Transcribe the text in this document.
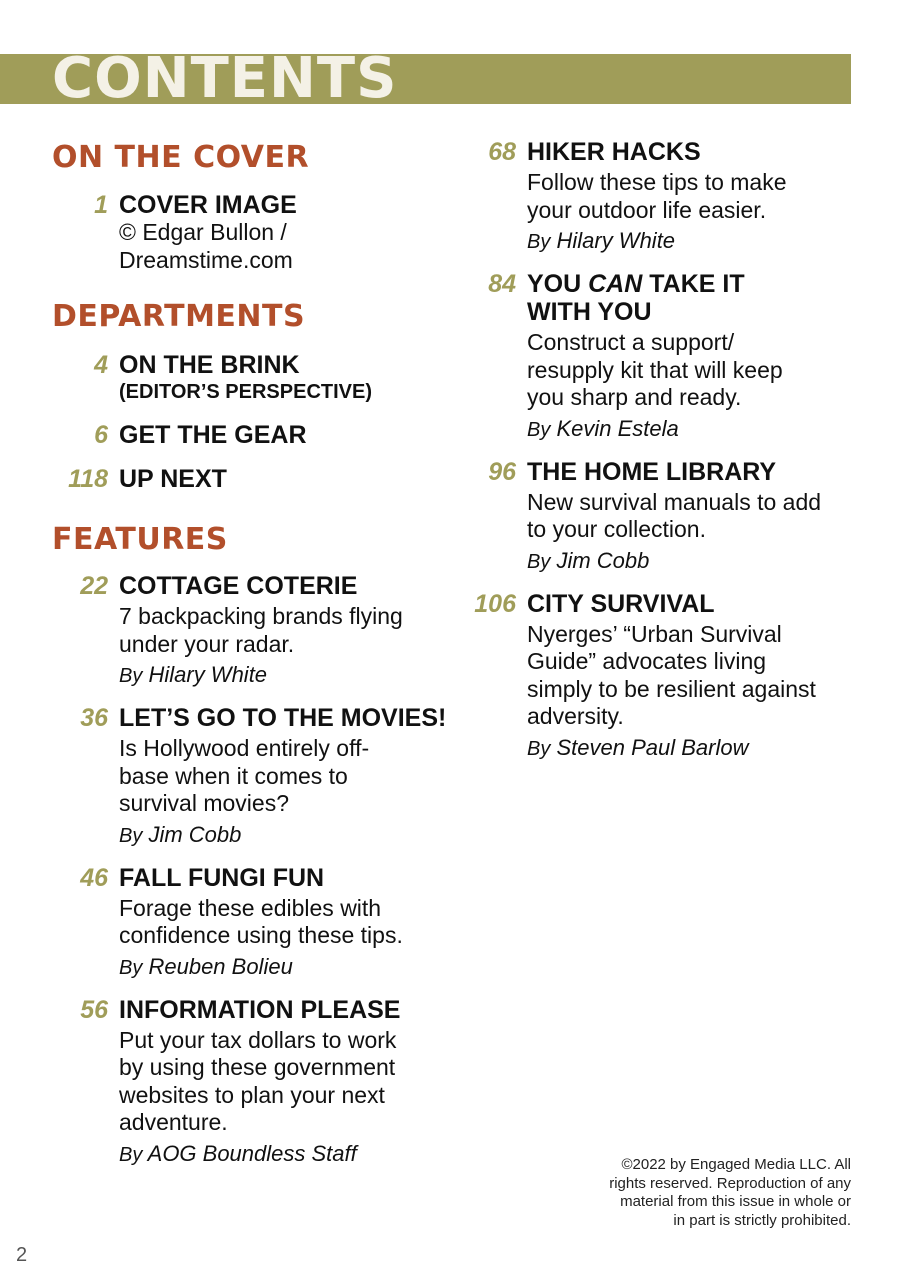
CONTENTS
ON THE COVER
1 COVER IMAGE
© Edgar Bullon /
Dreamstime.com
DEPARTMENTS
4 ON THE BRINK
(EDITOR’S PERSPECTIVE)
6 GET THE GEAR
118 UP NEXT
FEATURES
22 COTTAGE COTERIE
7 backpacking brands flying
under your radar.
By Hilary White
36 LET’S GO TO THE MOVIES!
Is Hollywood entirely off-
base when it comes to
survival movies?
By Jim Cobb
46 FALL FUNGI FUN
Forage these edibles with
confidence using these tips.
By Reuben Bolieu
56 INFORMATION PLEASE
Put your tax dollars to work
by using these government
websites to plan your next
adventure.
By AOG Boundless Staff
68 HIKER HACKS
Follow these tips to make
your outdoor life easier.
By Hilary White
84 YOU CAN TAKE IT
WITH YOU
Construct a support/
resupply kit that will keep
you sharp and ready.
By Kevin Estela
96 THE HOME LIBRARY
New survival manuals to add
to your collection.
By Jim Cobb
106 CITY SURVIVAL
Nyerges’ “Urban Survival
Guide” advocates living
simply to be resilient against
adversity.
By Steven Paul Barlow
©2022 by Engaged Media LLC. All
rights reserved. Reproduction of any
material from this issue in whole or
in part is strictly prohibited.
2
